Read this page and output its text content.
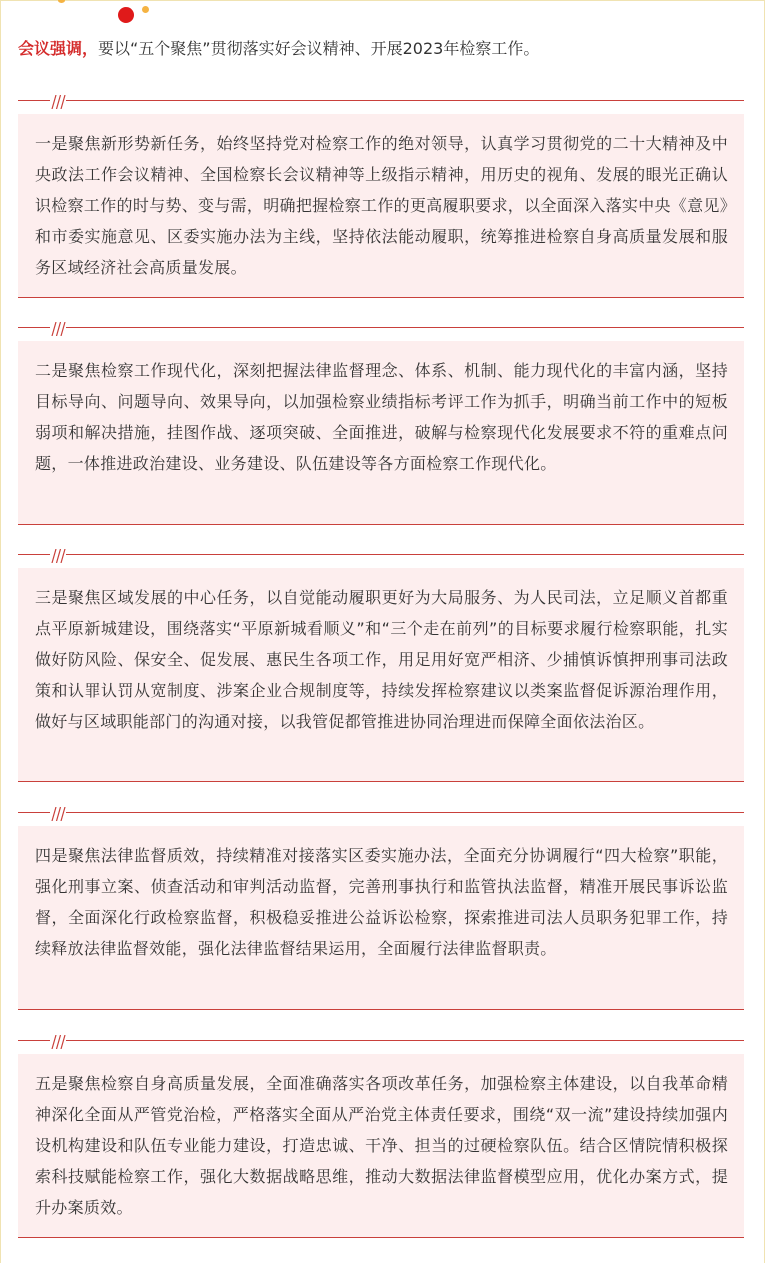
会议强调，要以“五个聚焦”贯彻落实好会议精神、开展2023年检察工作。

一是聚焦新形势新任务，始终坚持党对检察工作的绝对领导，认真学习贯彻党的二十大精神及中央政法工作会议精神、全国检察长会议精神等上级指示精神，用历史的视角、发展的眼光正确认识检察工作的时与势、变与需，明确把握检察工作的更高履职要求，以全面深入落实中央《意见》和市委实施意见、区委实施办法为主线，坚持依法能动履职，统筹推进检察自身高质量发展和服务区域经济社会高质量发展。

二是聚焦检察工作现代化，深刻把握法律监督理念、体系、机制、能力现代化的丰富内涵，坚持目标导向、问题导向、效果导向，以加强检察业绩指标考评工作为抓手，明确当前工作中的短板弱项和解决措施，挂图作战、逐项突破、全面推进，破解与检察现代化发展要求不符的重难点问题，一体推进政治建设、业务建设、队伍建设等各方面检察工作现代化。

三是聚焦区域发展的中心任务，以自觉能动履职更好为大局服务、为人民司法，立足顺义首都重点平原新城建设，围绕落实“平原新城看顺义”和“三个走在前列”的目标要求履行检察职能，扎实做好防风险、保安全、促发展、惠民生各项工作，用足用好宽严相济、少捕慎诉慎押刑事司法政策和认罪认罚从宽制度、涉案企业合规制度等，持续发挥检察建议以类案监督促诉源治理作用，做好与区域职能部门的沟通对接，以我管促都管推进协同治理进而保障全面依法治区。

四是聚焦法律监督质效，持续精准对接落实区委实施办法，全面充分协调履行“四大检察”职能，强化刑事立案、侦查活动和审判活动监督，完善刑事执行和监管执法监督，精准开展民事诉讼监督，全面深化行政检察监督，积极稳妥推进公益诉讼检察，探索推进司法人员职务犯罪工作，持续释放法律监督效能，强化法律监督结果运用，全面履行法律监督职责。

五是聚焦检察自身高质量发展，全面准确落实各项改革任务，加强检察主体建设，以自我革命精神深化全面从严管党治检，严格落实全面从严治党主体责任要求，围绕“双一流”建设持续加强内设机构建设和队伍专业能力建设，打造忠诚、干净、担当的过硬检察队伍。结合区情院情积极探索科技赋能检察工作，强化大数据战略思维，推动大数据法律监督模型应用，优化办案方式，提升办案质效。
